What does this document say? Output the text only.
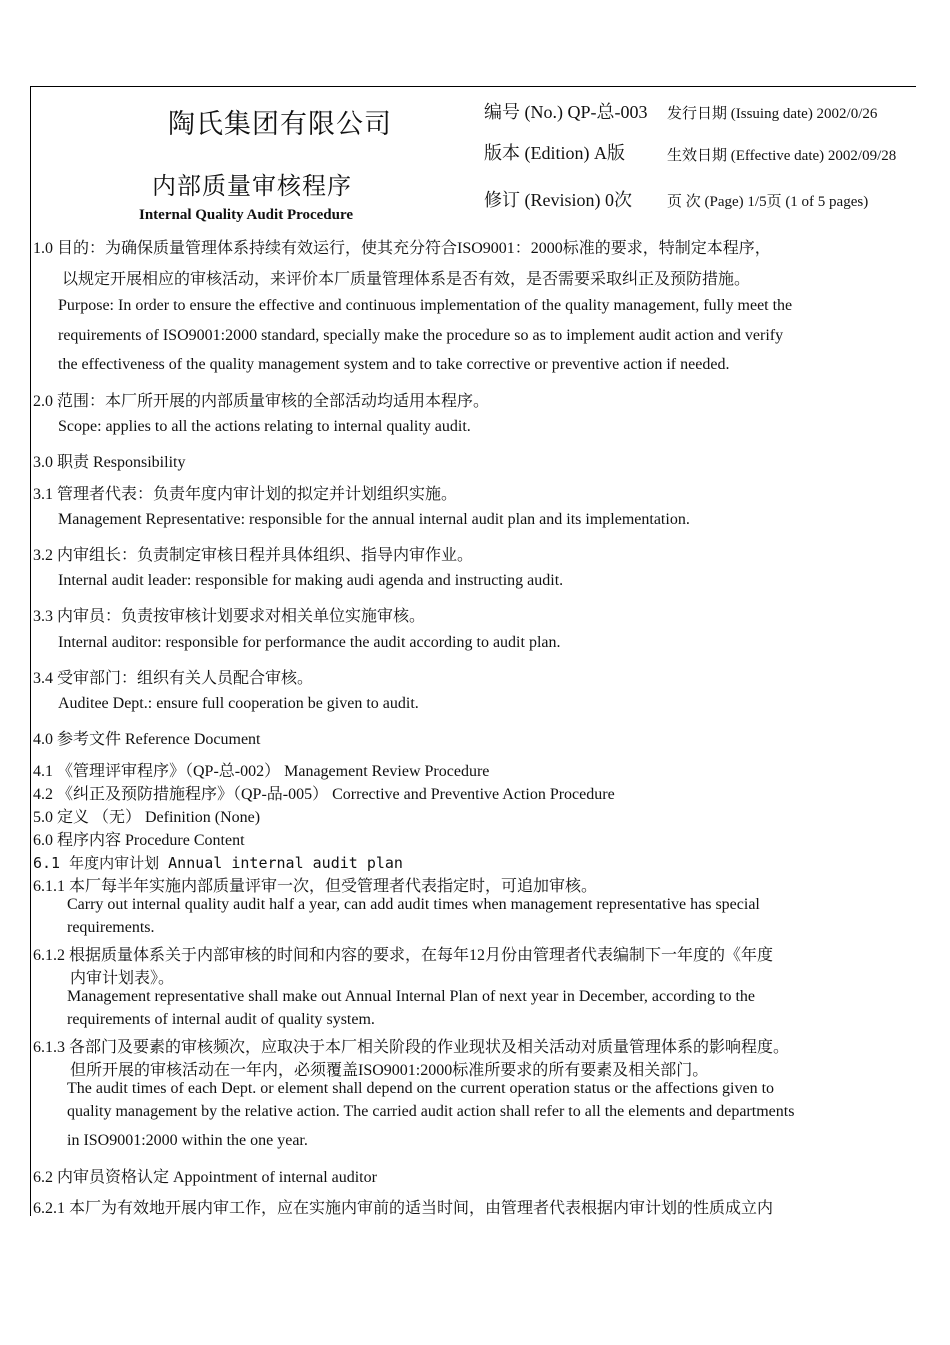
陶氏集团有限公司
内部质量审核程序
Internal Quality Audit Procedure
编号 (No.) QP-总-003 发行日期 (Issuing date) 2002/0/26
版本 (Edition) A版	生效日期 (Effective date) 2002/09/28
修订 (Revision) 0次 页 次 (Page) 1/5页 (1 of 5 pages)
1.0 目的：为确保质量管理体系持续有效运行，使其充分符合ISO9001：2000标准的要求，特制定本程序，
以规定开展相应的审核活动，来评价本厂质量管理体系是否有效，是否需要采取纠正及预防措施。
Purpose: In order to ensure the effective and continuous implementation of the quality management, fully meet the
requirements of ISO9001:2000 standard, specially make the procedure so as to implement audit action and verify
the effectiveness of the quality management system and to take corrective or preventive action if needed.
2.0 范围：本厂所开展的内部质量审核的全部活动均适用本程序。
Scope: applies to all the actions relating to internal quality audit.
3.0 职责 Responsibility
3.1 管理者代表：负责年度内审计划的拟定并计划组织实施。
Management Representative: responsible for the annual internal audit plan and its implementation.
3.2 内审组长：负责制定审核日程并具体组织、指导内审作业。
Internal audit leader: responsible for making audi agenda and instructing audit.
3.3 内审员：负责按审核计划要求对相关单位实施审核。
Internal auditor: responsible for performance the audit according to audit plan.
3.4 受审部门：组织有关人员配合审核。
Auditee Dept.: ensure full cooperation be given to audit.
4.0 参考文件 Reference Document
4.1 《管理评审程序》（QP-总-002） Management Review Procedure
4.2 《纠正及预防措施程序》（QP-品-005） Corrective and Preventive Action Procedure
5.0 定义 （无） Definition (None)
6.0 程序内容 Procedure Content
6.1 年度内审计划 Annual internal audit plan
6.1.1 本厂每半年实施内部质量评审一次，但受管理者代表指定时，可追加审核。
Carry out internal quality audit half a year, can add audit times when management representative has special
requirements.
6.1.2 根据质量体系关于内部审核的时间和内容的要求，在每年12月份由管理者代表编制下一年度的《年度
内审计划表》。
Management representative shall make out Annual Internal Plan of next year in December, according to the
requirements of internal audit of quality system.
6.1.3 各部门及要素的审核频次，应取决于本厂相关阶段的作业现状及相关活动对质量管理体系的影响程度。
但所开展的审核活动在一年内，必须覆盖ISO9001:2000标准所要求的所有要素及相关部门。
The audit times of each Dept. or element shall depend on the current operation status or the affections given to
quality management by the relative action. The carried audit action shall refer to all the elements and departments
in ISO9001:2000 within the one year.
6.2 内审员资格认定 Appointment of internal auditor
6.2.1 本厂为有效地开展内审工作，应在实施内审前的适当时间，由管理者代表根据内审计划的性质成立内
